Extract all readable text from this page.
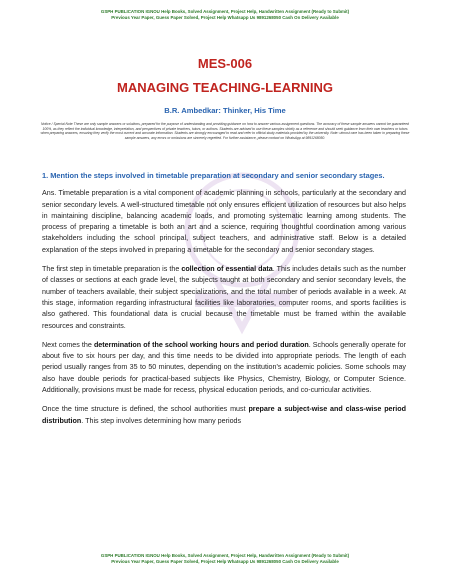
GSPH PUBLICATION IGNOU Help Books, Solved Assignment, Project Help, Handwritten Assignment (Ready to Submit)
Previous Year Paper, Guess Paper Solved, Project Help Whatsapp Us 9891268050 Cash On Delivery Available
MES-006
MANAGING TEACHING-LEARNING
B.R. Ambedkar: Thinker, His Time
Notice / Special Note These are only sample answers or solutions, prepared for the purpose of understanding and providing guidance on how to answer various assignment questions. The accuracy of these sample answers cannot be guaranteed 100%, as they reflect the individual knowledge, interpretation, and perspectives of private teachers, tutors, or authors. Students are advised to use these samples strictly as a reference and should seek guidance from their own teachers or tutors when preparing answers, ensuring they verify the most current and accurate information. Students are strongly encouraged to read and refer to official study materials provided by the university. Note: utmost care has been taken in preparing these sample answers, any errors or omissions are sincerely regretted. For further assistance, please contact on WhatsApp at 9891268050.
1. Mention the steps involved in timetable preparation at secondary and senior secondary stages.
Ans. Timetable preparation is a vital component of academic planning in schools, particularly at the secondary and senior secondary levels. A well-structured timetable not only ensures efficient utilization of resources but also helps in maintaining discipline, balancing academic loads, and promoting systematic learning among students. The process of preparing a timetable is both an art and a science, requiring thoughtful coordination among various stakeholders including the school principal, subject teachers, and administrative staff. Below is a detailed explanation of the steps involved in preparing a timetable for the secondary and senior secondary stages.
The first step in timetable preparation is the collection of essential data. This includes details such as the number of classes or sections at each grade level, the subjects taught at both secondary and senior secondary levels, the number of teachers available, their subject specializations, and the total number of periods available in a week. At this stage, information regarding infrastructural facilities like laboratories, computer rooms, and sports facilities is also gathered. This foundational data is crucial because the timetable must be framed within the available resources and constraints.
Next comes the determination of the school working hours and period duration. Schools generally operate for about five to six hours per day, and this time needs to be divided into appropriate periods. The length of each period usually ranges from 35 to 50 minutes, depending on the institution's academic policies. Some schools may also have double periods for practical-based subjects like Physics, Chemistry, Biology, or Computer Science. Additionally, provisions must be made for recess, physical education periods, and co-curricular activities.
Once the time structure is defined, the school authorities must prepare a subject-wise and class-wise period distribution. This step involves determining how many periods
GSPH PUBLICATION IGNOU Help Books, Solved Assignment, Project Help, Handwritten Assignment (Ready to Submit)
Previous Year Paper, Guess Paper Solved, Project Help Whatsapp Us 9891268050 Cash On Delivery Available
